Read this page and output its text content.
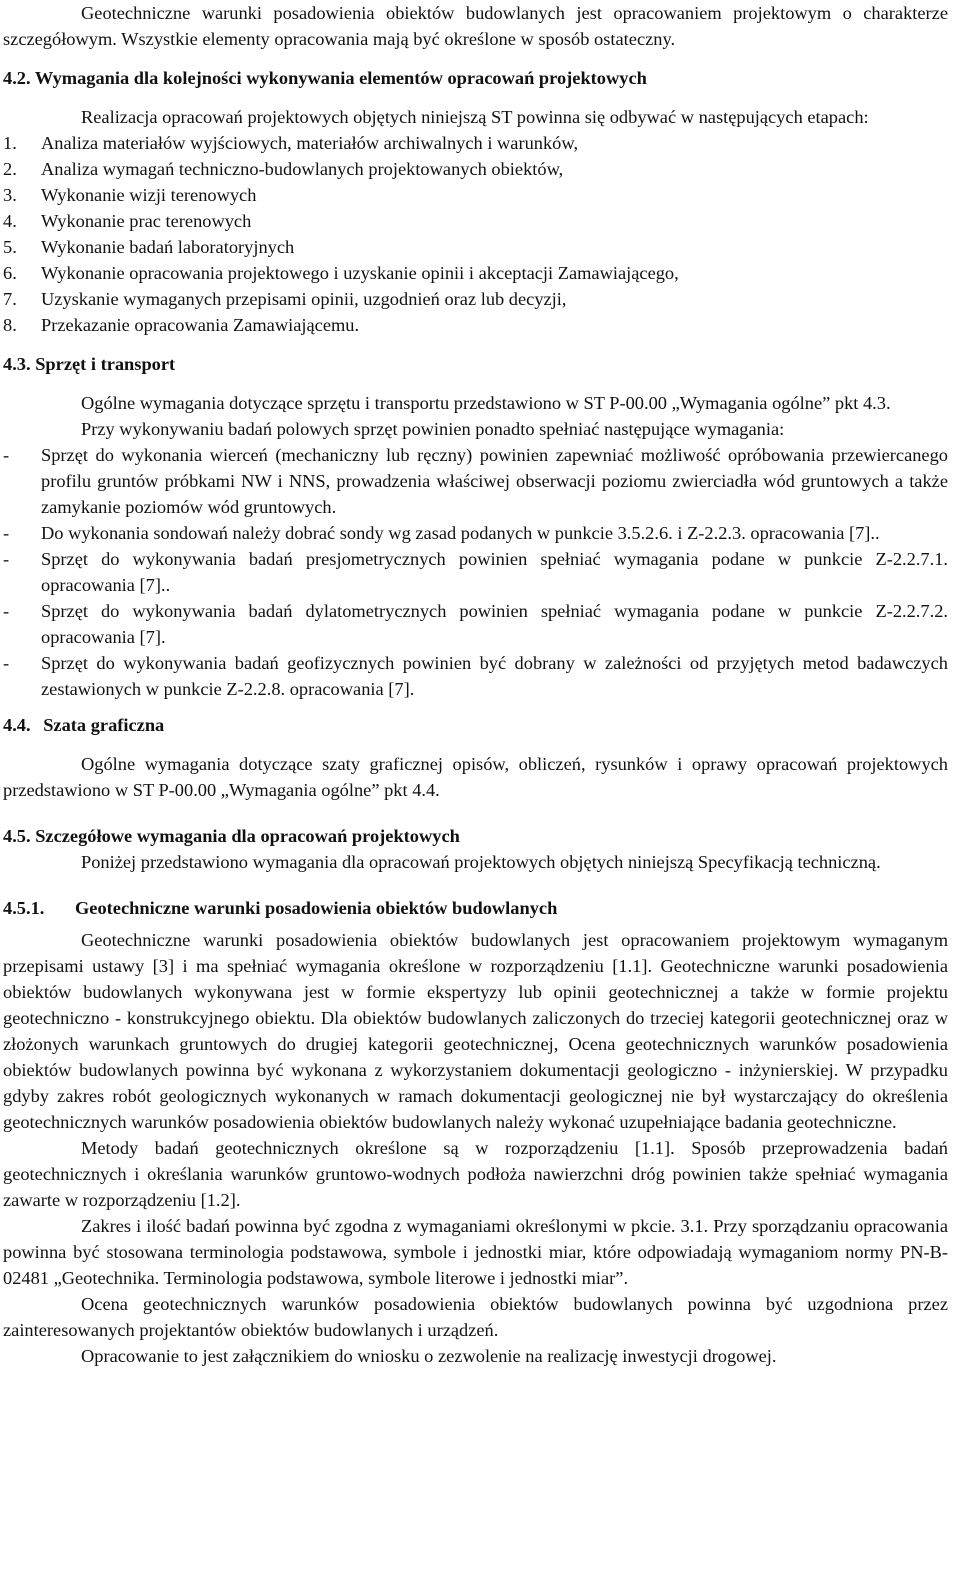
Geotechniczne warunki posadowienia obiektów budowlanych jest opracowaniem projektowym o charakterze szczegółowym. Wszystkie elementy opracowania mają być określone w sposób ostateczny.

4.2. Wymagania dla kolejności wykonywania elementów opracowań projektowych

Realizacja opracowań projektowych objętych niniejszą ST powinna się odbywać w następujących etapach:

1.	Analiza materiałów wyjściowych, materiałów archiwalnych i warunków,
2.	Analiza wymagań techniczno-budowlanych projektowanych obiektów,
3.	Wykonanie wizji terenowych
4.	Wykonanie prac terenowych
5.	Wykonanie badań laboratoryjnych
6.	Wykonanie opracowania projektowego i uzyskanie opinii i akceptacji Zamawiającego,
7.	Uzyskanie wymaganych przepisami opinii, uzgodnień oraz lub decyzji,
8.	Przekazanie opracowania Zamawiającemu.
4.3. Sprzęt i transport

Ogólne wymagania dotyczące sprzętu i transportu przedstawiono w ST P-00.00 „Wymagania ogólne” pkt 4.3.

Przy wykonywaniu badań polowych sprzęt powinien ponadto spełniać następujące wymagania:

-	Sprzęt do wykonania wierceń (mechaniczny lub ręczny) powinien zapewniać możliwość opróbowania przewiercanego profilu gruntów próbkami NW i NNS, prowadzenia właściwej obserwacji poziomu zwierciadła wód gruntowych a także zamykanie poziomów wód gruntowych.
-	Do wykonania sondowań należy dobrać sondy wg zasad podanych w punkcie 3.5.2.6. i Z-2.2.3. opracowania [7]..
-	Sprzęt do wykonywania badań presjometrycznych powinien spełniać wymagania podane w punkcie Z-2.2.7.1. opracowania [7]..
-	Sprzęt do wykonywania badań dylatometrycznych powinien spełniać wymagania podane w punkcie Z-2.2.7.2. opracowania [7].
-	Sprzęt do wykonywania badań geofizycznych powinien być dobrany w zależności od przyjętych metod badawczych zestawionych w punkcie Z-2.2.8. opracowania [7].
4.4. Szata graficzna

Ogólne wymagania dotyczące szaty graficznej opisów, obliczeń, rysunków i oprawy opracowań projektowych przedstawiono w ST P-00.00 „Wymagania ogólne” pkt 4.4.

4.5. Szczegółowe wymagania dla opracowań projektowych

Poniżej przedstawiono wymagania dla opracowań projektowych objętych niniejszą Specyfikacją techniczną.

4.5.1. Geotechniczne warunki posadowienia obiektów budowlanych

Geotechniczne warunki posadowienia obiektów budowlanych jest opracowaniem projektowym wymaganym przepisami ustawy [3] i ma spełniać wymagania określone w rozporządzeniu [1.1]. Geotechniczne warunki posadowienia obiektów budowlanych wykonywana jest w formie ekspertyzy lub opinii geotechnicznej a także w formie projektu geotechniczno - konstrukcyjnego obiektu. Dla obiektów budowlanych zaliczonych do trzeciej kategorii geotechnicznej oraz w złożonych warunkach gruntowych do drugiej kategorii geotechnicznej, Ocena geotechnicznych warunków posadowienia obiektów budowlanych powinna być wykonana z wykorzystaniem dokumentacji geologiczno - inżynierskiej. W przypadku gdyby zakres robót geologicznych wykonanych w ramach dokumentacji geologicznej nie był wystarczający do określenia geotechnicznych warunków posadowienia obiektów budowlanych należy wykonać uzupełniające badania geotechniczne.

Metody badań geotechnicznych określone są w rozporządzeniu [1.1]. Sposób przeprowadzenia badań geotechnicznych i określania warunków gruntowo-wodnych podłoża nawierzchni dróg powinien także spełniać wymagania zawarte w rozporządzeniu [1.2].

Zakres i ilość badań powinna być zgodna z wymaganiami określonymi w pkcie. 3.1. Przy sporządzaniu opracowania powinna być stosowana terminologia podstawowa, symbole i jednostki miar, które odpowiadają wymaganiom normy PN-B-02481 „Geotechnika. Terminologia podstawowa, symbole literowe i jednostki miar”.

Ocena geotechnicznych warunków posadowienia obiektów budowlanych powinna być uzgodniona przez zainteresowanych projektantów obiektów budowlanych i urządzeń.

Opracowanie to jest załącznikiem do wniosku o zezwolenie na realizację inwestycji drogowej.
